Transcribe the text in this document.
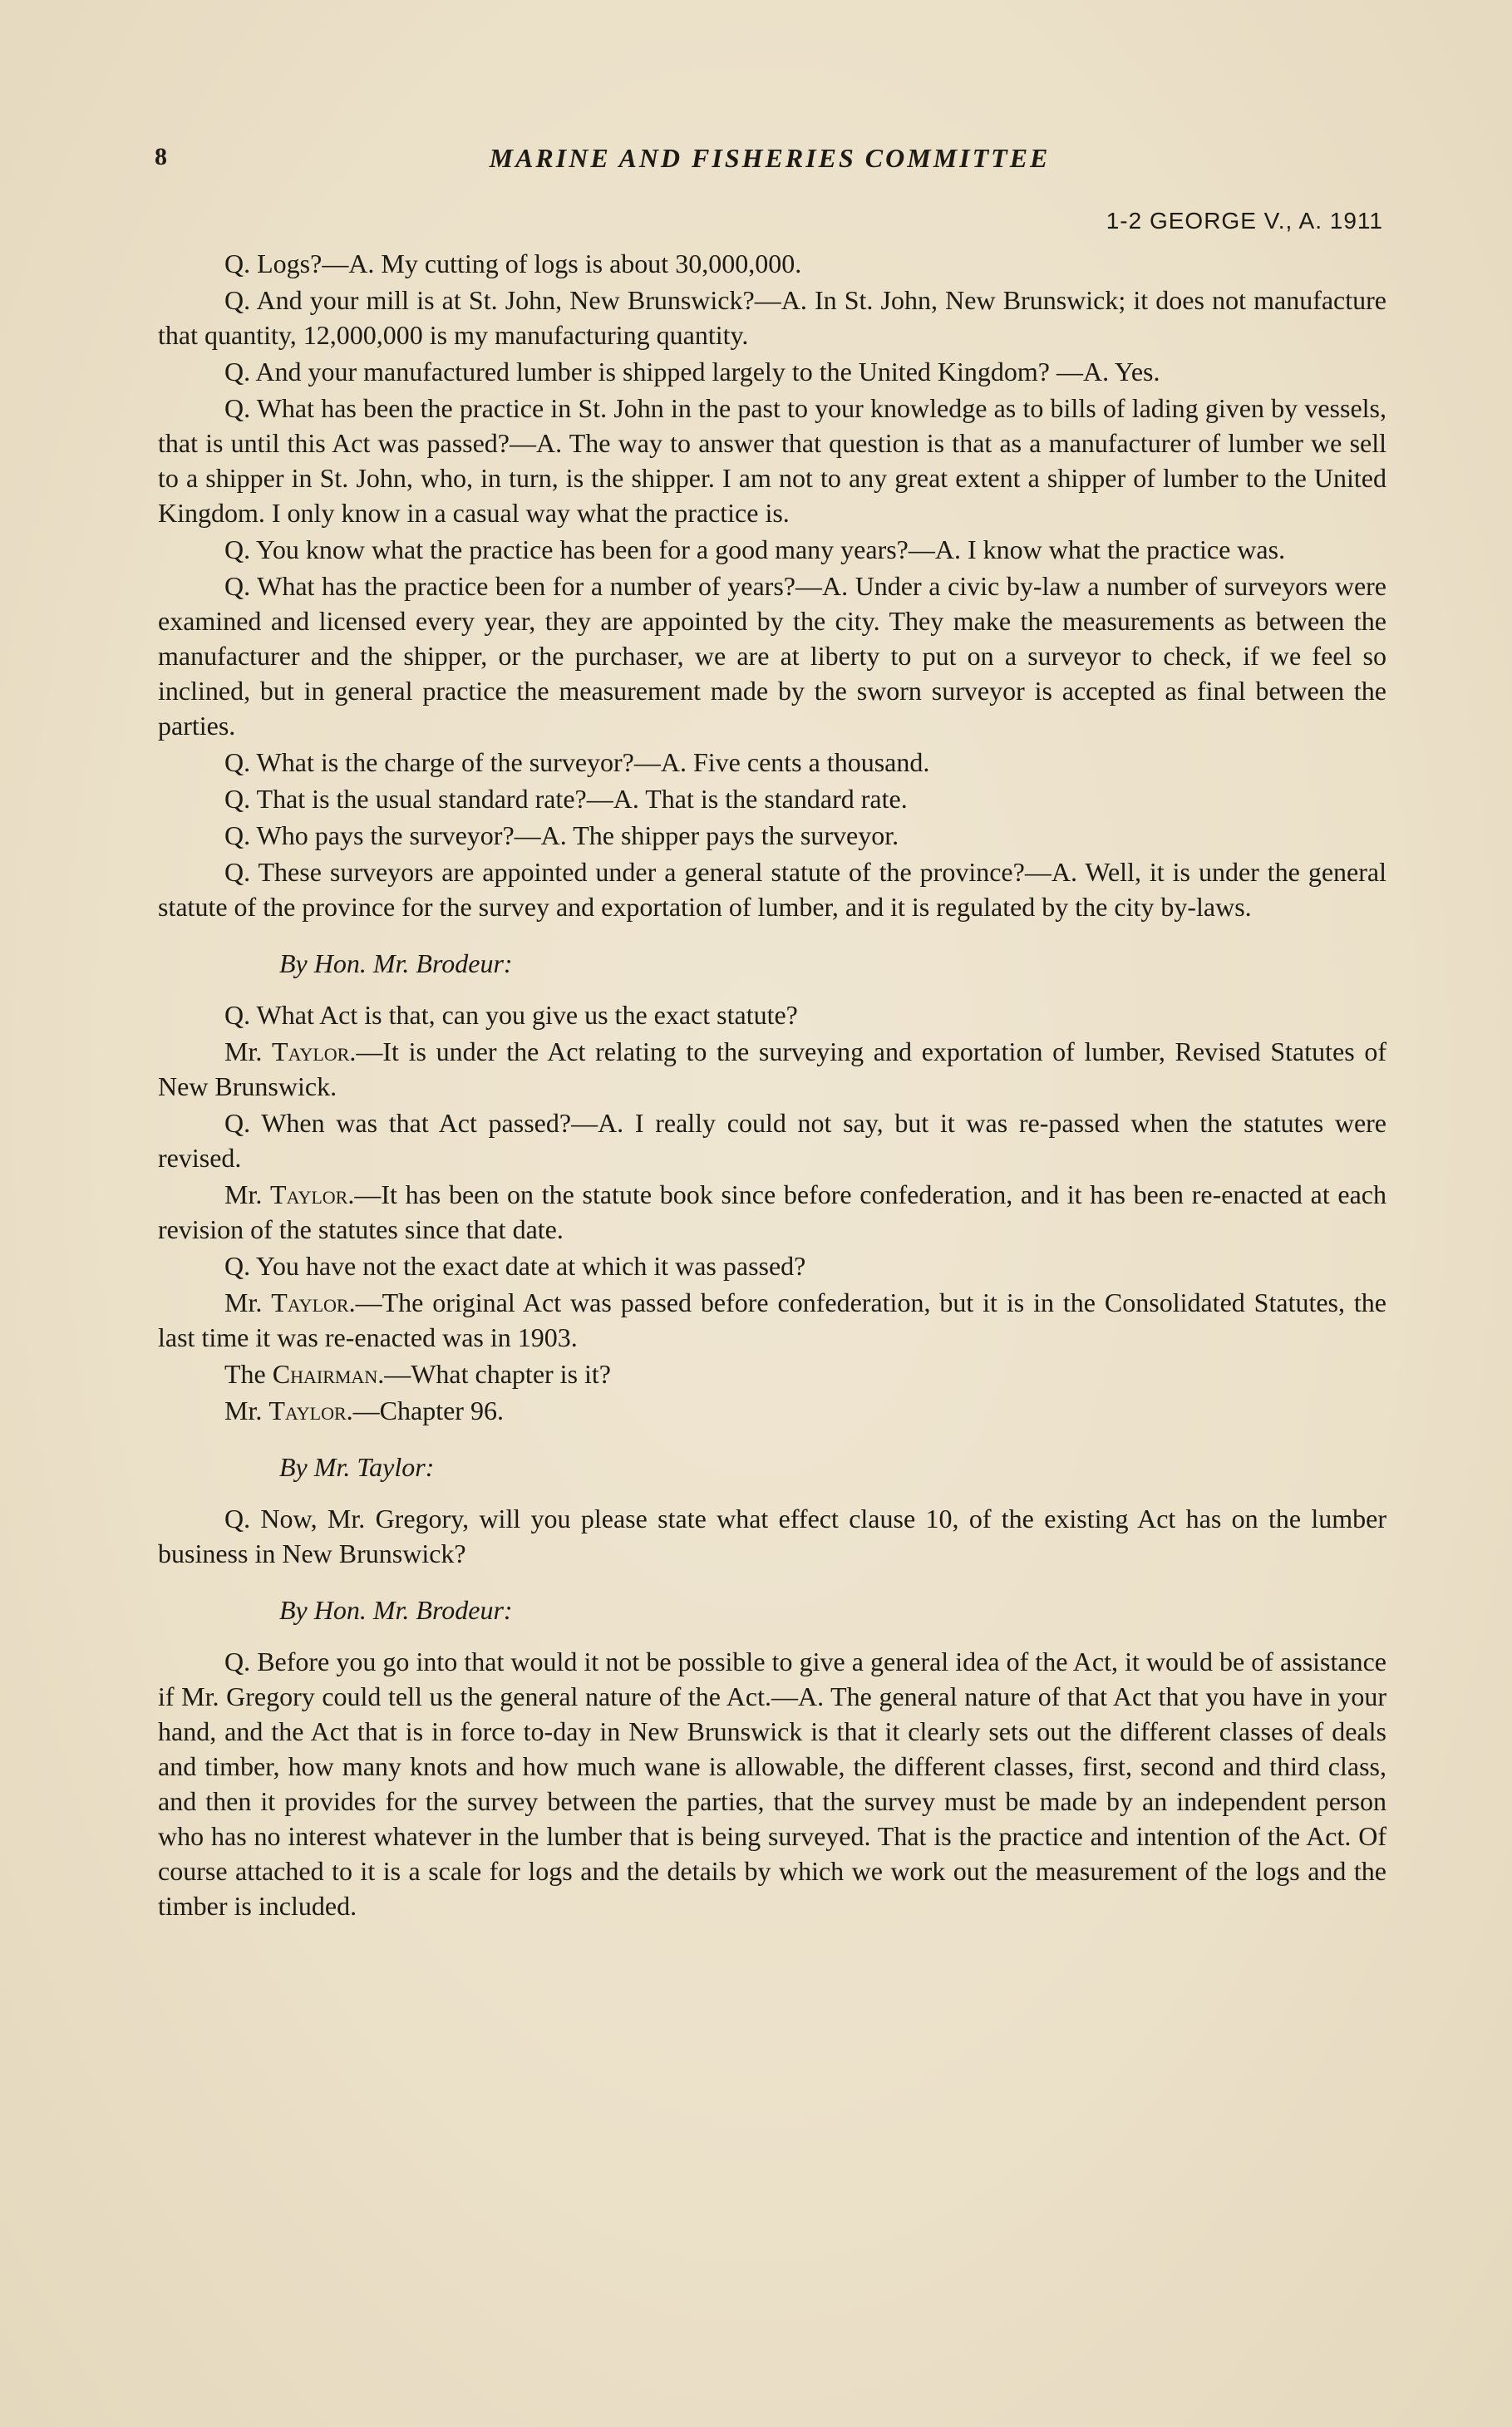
8	MARINE AND FISHERIES COMMITTEE
1-2 GEORGE V., A. 1911

Q. Logs?—A. My cutting of logs is about 30,000,000.

Q. And your mill is at St. John, New Brunswick?—A. In St. John, New Brunswick; it does not manufacture that quantity, 12,000,000 is my manufacturing quantity.

Q. And your manufactured lumber is shipped largely to the United Kingdom? —A. Yes.

Q. What has been the practice in St. John in the past to your knowledge as to bills of lading given by vessels, that is until this Act was passed?—A. The way to answer that question is that as a manufacturer of lumber we sell to a shipper in St. John, who, in turn, is the shipper. I am not to any great extent a shipper of lumber to the United Kingdom. I only know in a casual way what the practice is.

Q. You know what the practice has been for a good many years?—A. I know what the practice was.

Q. What has the practice been for a number of years?—A. Under a civic by-law a number of surveyors were examined and licensed every year, they are appointed by the city. They make the measurements as between the manufacturer and the shipper, or the purchaser, we are at liberty to put on a surveyor to check, if we feel so inclined, but in general practice the measurement made by the sworn surveyor is accepted as final between the parties.

Q. What is the charge of the surveyor?—A. Five cents a thousand.

Q. That is the usual standard rate?—A. That is the standard rate.

Q. Who pays the surveyor?—A. The shipper pays the surveyor.

Q. These surveyors are appointed under a general statute of the province?—A. Well, it is under the general statute of the province for the survey and exportation of lumber, and it is regulated by the city by-laws.

By Hon. Mr. Brodeur:

Q. What Act is that, can you give us the exact statute?

Mr. Taylor.—It is under the Act relating to the surveying and exportation of lumber, Revised Statutes of New Brunswick.

Q. When was that Act passed?—A. I really could not say, but it was re-passed when the statutes were revised.

Mr. Taylor.—It has been on the statute book since before confederation, and it has been re-enacted at each revision of the statutes since that date.

Q. You have not the exact date at which it was passed?

Mr. Taylor.—The original Act was passed before confederation, but it is in the Consolidated Statutes, the last time it was re-enacted was in 1903.

The Chairman.—What chapter is it?

Mr. Taylor.—Chapter 96.

By Mr. Taylor:

Q. Now, Mr. Gregory, will you please state what effect clause 10, of the existing Act has on the lumber business in New Brunswick?

By Hon. Mr. Brodeur:

Q. Before you go into that would it not be possible to give a general idea of the Act, it would be of assistance if Mr. Gregory could tell us the general nature of the Act.—A. The general nature of that Act that you have in your hand, and the Act that is in force to-day in New Brunswick is that it clearly sets out the different classes of deals and timber, how many knots and how much wane is allowable, the different classes, first, second and third class, and then it provides for the survey between the parties, that the survey must be made by an independent person who has no interest whatever in the lumber that is being surveyed. That is the practice and intention of the Act. Of course attached to it is a scale for logs and the details by which we work out the measurement of the logs and the timber is included.
